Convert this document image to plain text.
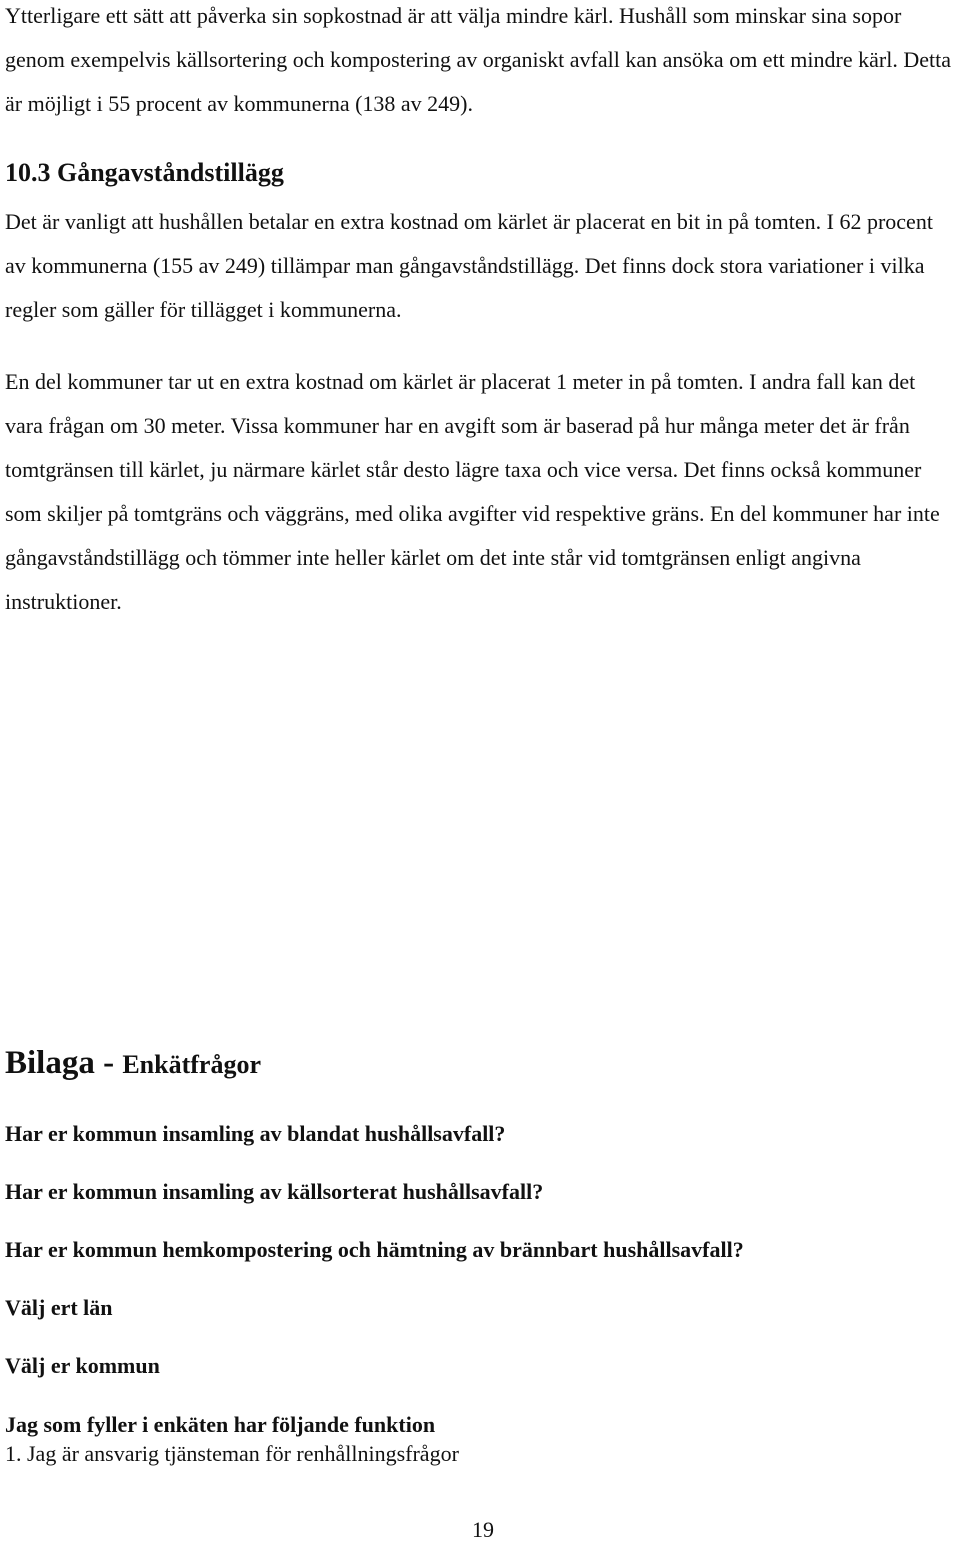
Ytterligare ett sätt att påverka sin sopkostnad är att välja mindre kärl. Hushåll som minskar sina sopor genom exempelvis källsortering och kompostering av organiskt avfall kan ansöka om ett mindre kärl. Detta är möjligt i 55 procent av kommunerna (138 av 249).

10.3 Gångavståndstillägg

Det är vanligt att hushållen betalar en extra kostnad om kärlet är placerat en bit in på tomten. I 62 procent av kommunerna (155 av 249) tillämpar man gångavståndstillägg. Det finns dock stora variationer i vilka regler som gäller för tillägget i kommunerna.

En del kommuner tar ut en extra kostnad om kärlet är placerat 1 meter in på tomten. I andra fall kan det vara frågan om 30 meter. Vissa kommuner har en avgift som är baserad på hur många meter det är från tomtgränsen till kärlet, ju närmare kärlet står desto lägre taxa och vice versa. Det finns också kommuner som skiljer på tomtgräns och väggräns, med olika avgifter vid respektive gräns. En del kommuner har inte gångavståndstillägg och tömmer inte heller kärlet om det inte står vid tomtgränsen enligt angivna instruktioner.

Bilaga - Enkätfrågor

Har er kommun insamling av blandat hushållsavfall?

Har er kommun insamling av källsorterat hushållsavfall?

Har er kommun hemkompostering och hämtning av brännbart hushållsavfall?

Välj ert län

Välj er kommun

Jag som fyller i enkäten har följande funktion

1. Jag är ansvarig tjänsteman för renhållningsfrågor

19
